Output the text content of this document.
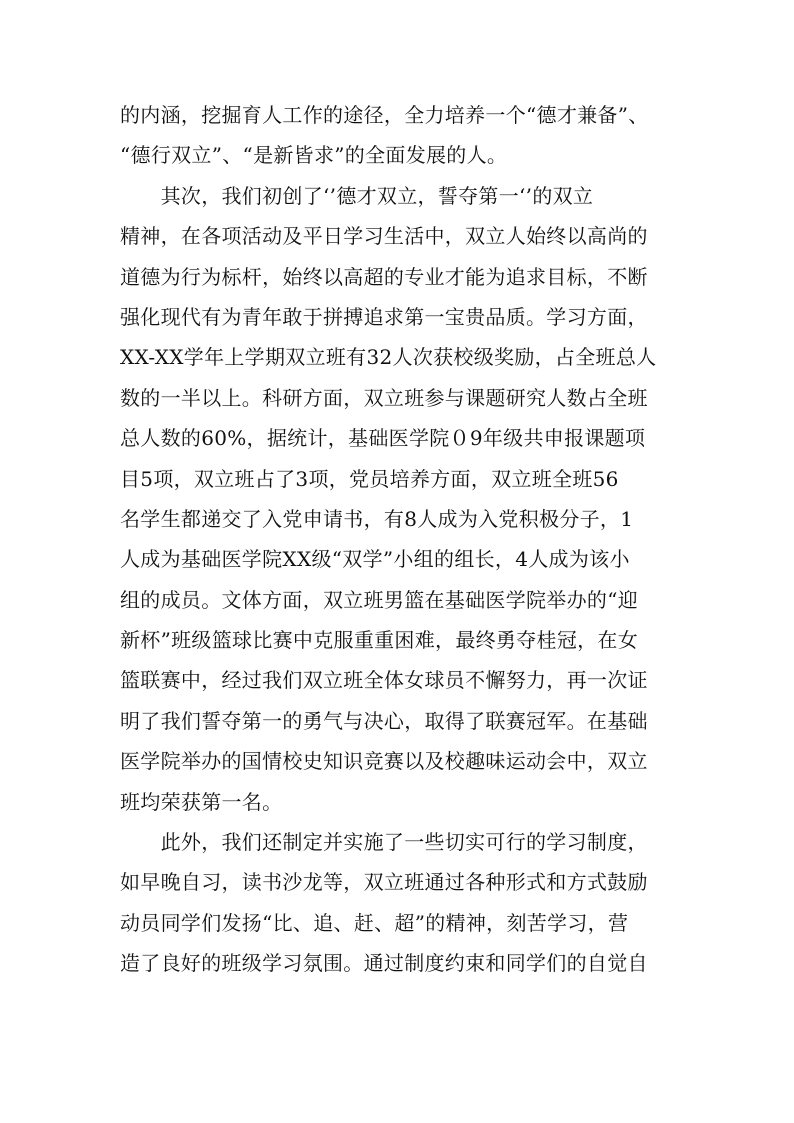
的内涵，挖掘育人工作的途径，全力培养一个“德才兼备”、
“德行双立”、“是新皆求”的全面发展的人。
　　其次，我们初创了‘’德才双立，誓夺第一‘’的双立
精神，在各项活动及平日学习生活中，双立人始终以高尚的
道德为行为标杆，始终以高超的专业才能为追求目标，不断
强化现代有为青年敢于拼搏追求第一宝贵品质。学习方面，
XX-XX学年上学期双立班有32人次获校级奖励，占全班总人
数的一半以上。科研方面，双立班参与课题研究人数占全班
总人数的60%，据统计，基础医学院０9年级共申报课题项
目5项，双立班占了3项，党员培养方面，双立班全班56
名学生都递交了入党申请书，有8人成为入党积极分子，1
人成为基础医学院XX级“双学”小组的组长，4人成为该小
组的成员。文体方面，双立班男篮在基础医学院举办的“迎
新杯”班级篮球比赛中克服重重困难，最终勇夺桂冠，在女
篮联赛中，经过我们双立班全体女球员不懈努力，再一次证
明了我们誓夺第一的勇气与决心，取得了联赛冠军。在基础
医学院举办的国情校史知识竞赛以及校趣味运动会中，双立
班均荣获第一名。
　　此外，我们还制定并实施了一些切实可行的学习制度，
如早晚自习，读书沙龙等，双立班通过各种形式和方式鼓励
动员同学们发扬“比、追、赶、超”的精神，刻苦学习，营
造了良好的班级学习氛围。通过制度约束和同学们的自觉自
